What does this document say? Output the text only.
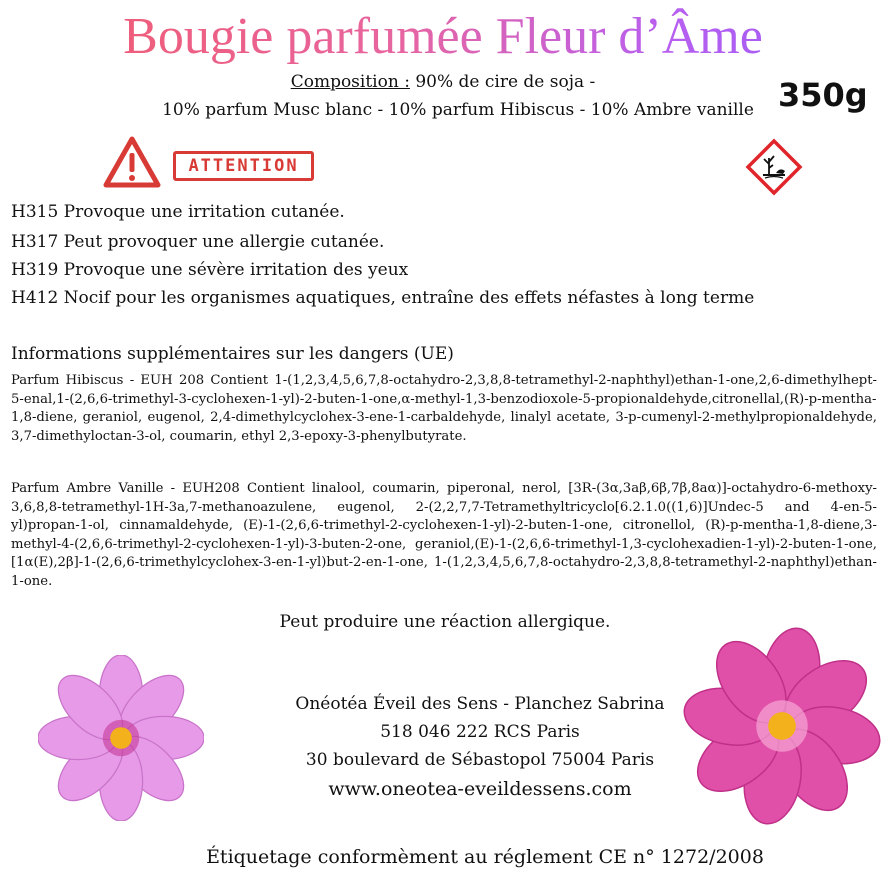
Bougie parfumée Fleur d’Âme
Composition : 90% de cire de soja -
10% parfum Musc blanc - 10% parfum Hibiscus - 10% Ambre vanille 350g
ATTENTION
H315 Provoque une irritation cutanée.
H317 Peut provoquer une allergie cutanée.
H319 Provoque une sévère irritation des yeux
H412 Nocif pour les organismes aquatiques, entraîne des effets néfastes à long terme
Informations supplémentaires sur les dangers (UE)
Parfum Hibiscus - EUH 208 Contient 1-(1,2,3,4,5,6,7,8-octahydro-2,3,8,8-tetramethyl-2-naphthyl)ethan-1-one,2,6-dimethylhept-5-enal,1-(2,6,6-trimethyl-3-cyclohexen-1-yl)-2-buten-1-one,α-methyl-1,3-benzodioxole-5-propionaldehyde,citronellal,(R)-p-mentha-1,8-diene, geraniol, eugenol, 2,4-dimethylcyclohex-3-ene-1-carbaldehyde, linalyl acetate, 3-p-cumenyl-2-methylpropionaldehyde, 3,7-dimethyloctan-3-ol, coumarin, ethyl 2,3-epoxy-3-phenylbutyrate.
Parfum Ambre Vanille - EUH208 Contient linalool, coumarin, piperonal, nerol, [3R-(3α,3aβ,6β,7β,8aα)]-octahydro-6-methoxy-3,6,8,8-tetramethyl-1H-3a,7-methanoazulene, eugenol, 2-(2,2,7,7-Tetramethyltricyclo[6.2.1.0((1,6)]Undec-5 and 4-en-5-yl)propan-1-ol, cinnamaldehyde, (E)-1-(2,6,6-trimethyl-2-cyclohexen-1-yl)-2-buten-1-one, citronellol, (R)-p-mentha-1,8-diene,3-methyl-4-(2,6,6-trimethyl-2-cyclohexen-1-yl)-3-buten-2-one, geraniol,(E)-1-(2,6,6-trimethyl-1,3-cyclohexadien-1-yl)-2-buten-1-one,[1α(E),2β]-1-(2,6,6-trimethylcyclohex-3-en-1-yl)but-2-en-1-one, 1-(1,2,3,4,5,6,7,8-octahydro-2,3,8,8-tetramethyl-2-naphthyl)ethan-1-one.
Peut produire une réaction allergique.
Onéotéa Éveil des Sens - Planchez Sabrina
518 046 222 RCS Paris
30 boulevard de Sébastopol 75004 Paris
www.oneotea-eveildessens.com
Étiquetage conformèment au réglement CE n° 1272/2008
